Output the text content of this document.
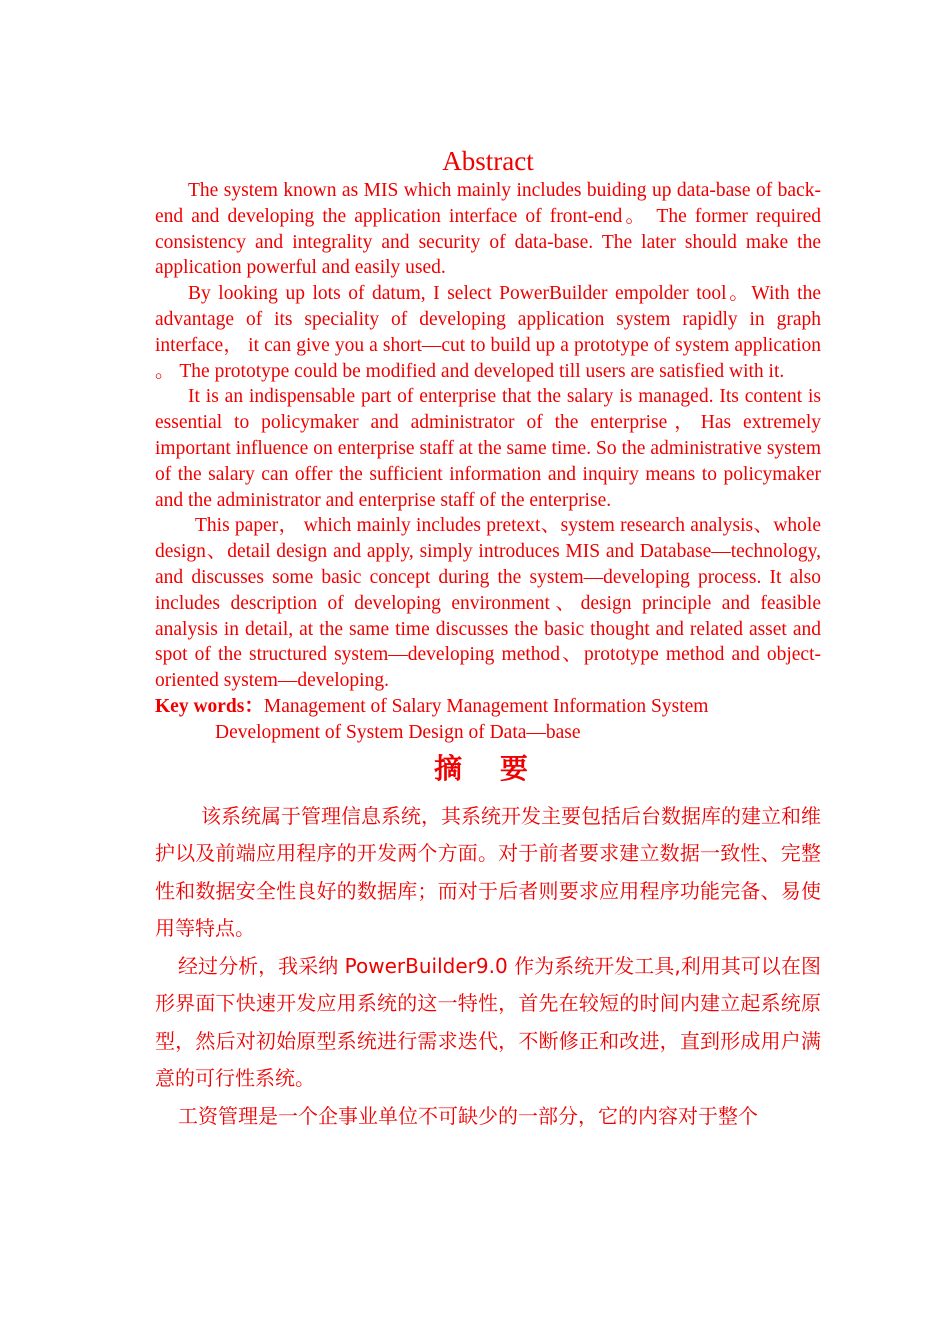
Abstract

The system known as MIS which mainly includes buiding up data-base of back-end and developing the application interface of front-end。 The former required consistency and integrality and security of data-base. The later should make the application powerful and easily used.

By looking up lots of datum, I select PowerBuilder empolder tool。With the advantage of its speciality of developing application system rapidly in graph interface， it can give you a short—cut to build up a prototype of system application 。 The prototype could be modified and developed till users are satisfied with it.

It is an indispensable part of enterprise that the salary is managed. Its content is essential to policymaker and administrator of the enterprise，Has extremely important influence on enterprise staff at the same time. So the administrative system of the salary can offer the sufficient information and inquiry means to policymaker and the administrator and enterprise staff of the enterprise.

This paper， which mainly includes pretext、system research analysis、whole design、detail design and apply, simply introduces MIS and Database—technology, and discusses some basic concept during the system—developing process. It also includes description of developing environment、design principle and feasible analysis in detail, at the same time discusses the basic thought and related asset and spot of the structured system—developing method、prototype method and object-oriented system—developing.

Key words：Management of Salary Management Information System

Development of System Design of Data—base

摘 要

该系统属于管理信息系统，其系统开发主要包括后台数据库的建立和维护以及前端应用程序的开发两个方面。对于前者要求建立数据一致性、完整性和数据安全性良好的数据库；而对于后者则要求应用程序功能完备、易使用等特点。

经过分析，我采纳 PowerBuilder9.0 作为系统开发工具,利用其可以在图形界面下快速开发应用系统的这一特性，首先在较短的时间内建立起系统原型，然后对初始原型系统进行需求迭代，不断修正和改进，直到形成用户满意的可行性系统。

工资管理是一个企事业单位不可缺少的一部分，它的内容对于整个
